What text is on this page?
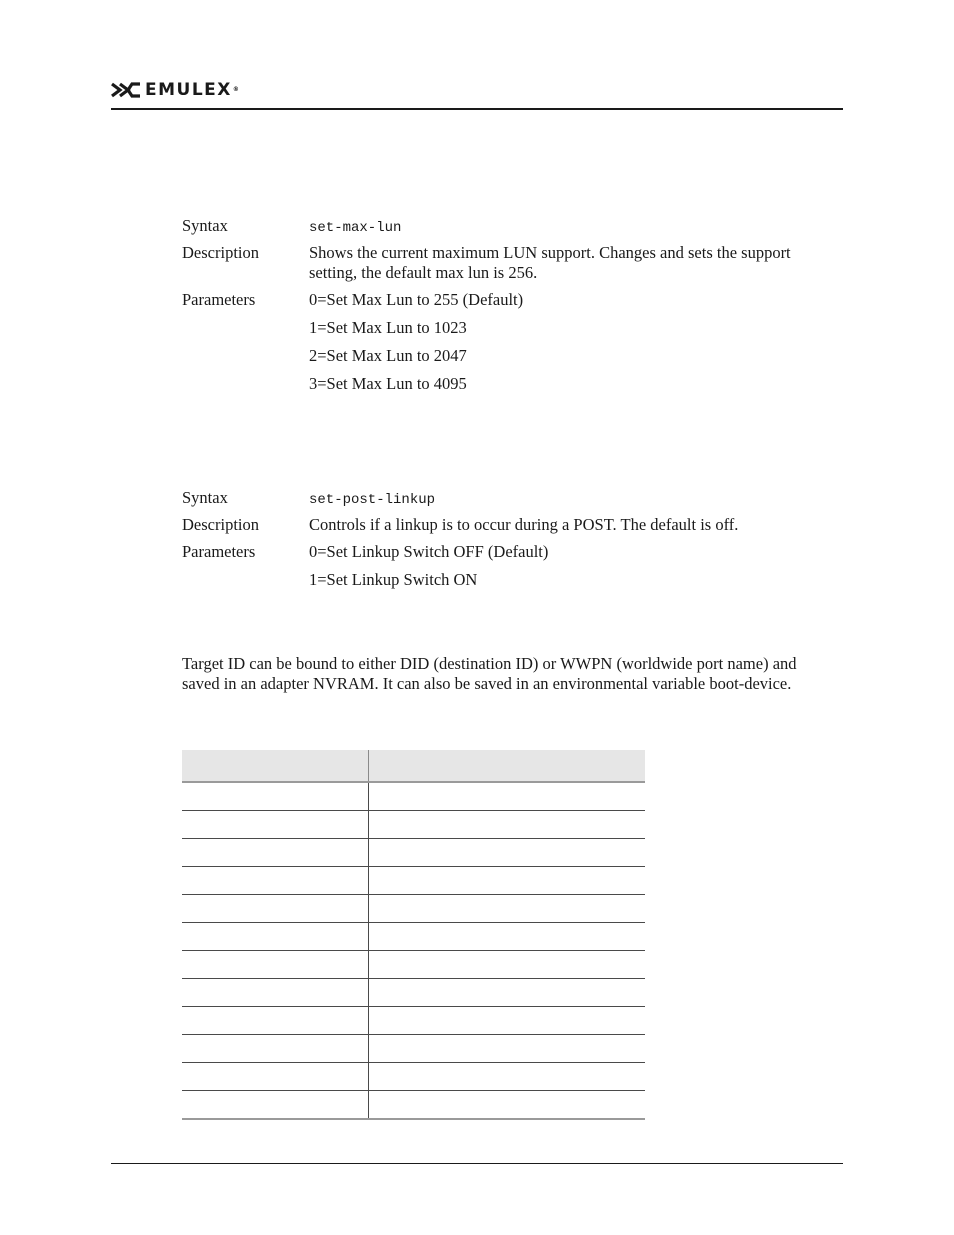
EMULEX®
Syntax	set-max-lun
Description	Shows the current maximum LUN support. Changes and sets the support setting, the default max lun is 256.
Parameters	0=Set Max Lun to 255 (Default)
1=Set Max Lun to 1023
2=Set Max Lun to 2047
3=Set Max Lun to 4095
Syntax	set-post-linkup
Description	Controls if a linkup is to occur during a POST. The default is off.
Parameters	0=Set Linkup Switch OFF (Default)
1=Set Linkup Switch ON
Target ID can be bound to either DID (destination ID) or WWPN (worldwide port name) and saved in an adapter NVRAM. It can also be saved in an environmental variable boot-device.
